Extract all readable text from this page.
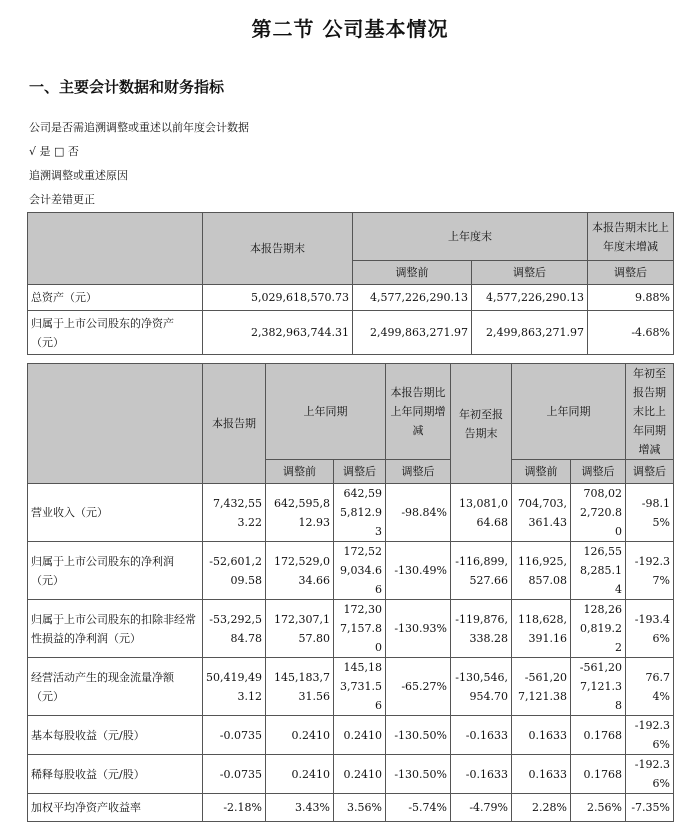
第二节 公司基本情况
一、主要会计数据和财务指标
公司是否需追溯调整或重述以前年度会计数据
√ 是 □ 否
追溯调整或重述原因
会计差错更正
	本报告期末	上年度末		本报告期末比上年度末增减
		调整前	调整后	调整后
总资产（元）	5,029,618,570.73	4,577,226,290.13	4,577,226,290.13	9.88%
归属于上市公司股东的净资产（元）	2,382,963,744.31	2,499,863,271.97	2,499,863,271.97	-4.68%
	本报告期	上年同期		本报告期比上年同期增减	年初至报告期末	上年同期		年初至报告期末比上年同期增减
		调整前	调整后	调整后		调整前	调整后	调整后
营业收入（元）	7,432,553.22	642,595,812.93	642,595,812.93	-98.84%	13,081,064.68	704,703,361.43	708,022,720.80	-98.15%
归属于上市公司股东的净利润（元）	-52,601,209.58	172,529,034.66	172,529,034.66	-130.49%	-116,899,527.66	116,925,857.08	126,558,285.14	-192.37%
归属于上市公司股东的扣除非经常性损益的净利润（元）	-53,292,584.78	172,307,157.80	172,307,157.80	-130.93%	-119,876,338.28	118,628,391.16	128,260,819.22	-193.46%
经营活动产生的现金流量净额（元）	50,419,493.12	145,183,731.56	145,183,731.56	-65.27%	-130,546,954.70	-561,207,121.38	-561,207,121.38	76.74%
基本每股收益（元/股）	-0.0735	0.2410	0.2410	-130.50%	-0.1633	0.1633	0.1768	-192.36%
稀释每股收益（元/股）	-0.0735	0.2410	0.2410	-130.50%	-0.1633	0.1633	0.1768	-192.36%
加权平均净资产收益率	-2.18%	3.43%	3.56%	-5.74%	-4.79%	2.28%	2.56%	-7.35%
